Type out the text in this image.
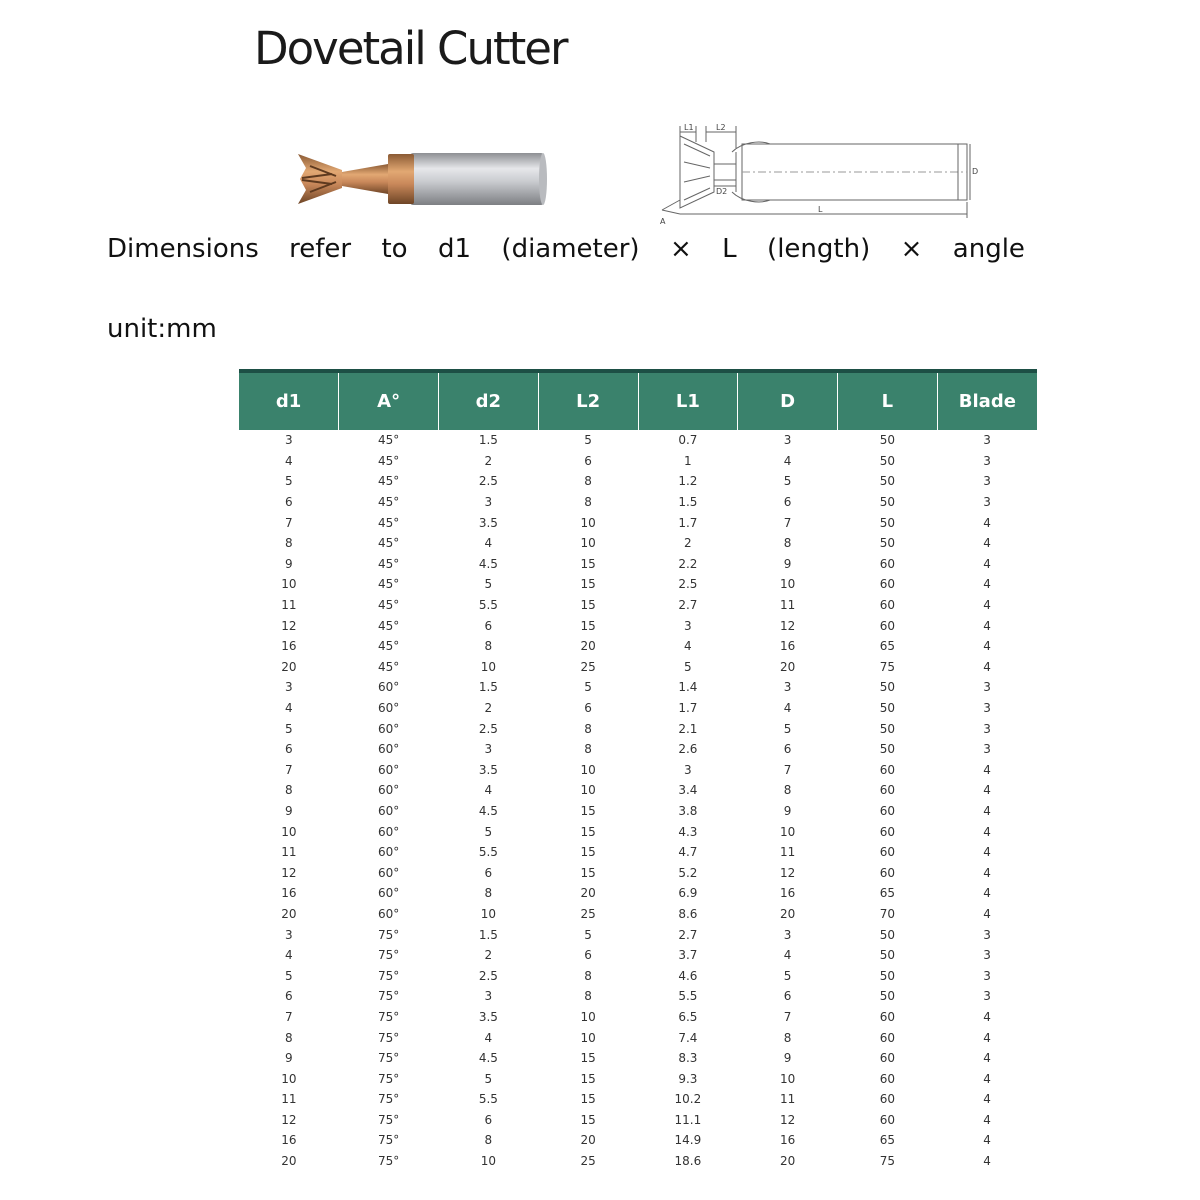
Dovetail Cutter
L1	L2
D2
D
L
A
Dimensions refer to d1 (diameter) × L (length) × angle
unit:mm
d1	A°	d2	L2	L1	D	L	Blade
3	45°	1.5	5	0.7	3	50	3
4	45°	2	6	1	4	50	3
5	45°	2.5	8	1.2	5	50	3
6	45°	3	8	1.5	6	50	3
7	45°	3.5	10	1.7	7	50	4
8	45°	4	10	2	8	50	4
9	45°	4.5	15	2.2	9	60	4
10	45°	5	15	2.5	10	60	4
11	45°	5.5	15	2.7	11	60	4
12	45°	6	15	3	12	60	4
16	45°	8	20	4	16	65	4
20	45°	10	25	5	20	75	4
3	60°	1.5	5	1.4	3	50	3
4	60°	2	6	1.7	4	50	3
5	60°	2.5	8	2.1	5	50	3
6	60°	3	8	2.6	6	50	3
7	60°	3.5	10	3	7	60	4
8	60°	4	10	3.4	8	60	4
9	60°	4.5	15	3.8	9	60	4
10	60°	5	15	4.3	10	60	4
11	60°	5.5	15	4.7	11	60	4
12	60°	6	15	5.2	12	60	4
16	60°	8	20	6.9	16	65	4
20	60°	10	25	8.6	20	70	4
3	75°	1.5	5	2.7	3	50	3
4	75°	2	6	3.7	4	50	3
5	75°	2.5	8	4.6	5	50	3
6	75°	3	8	5.5	6	50	3
7	75°	3.5	10	6.5	7	60	4
8	75°	4	10	7.4	8	60	4
9	75°	4.5	15	8.3	9	60	4
10	75°	5	15	9.3	10	60	4
11	75°	5.5	15	10.2	11	60	4
12	75°	6	15	11.1	12	60	4
16	75°	8	20	14.9	16	65	4
20	75°	10	25	18.6	20	75	4
